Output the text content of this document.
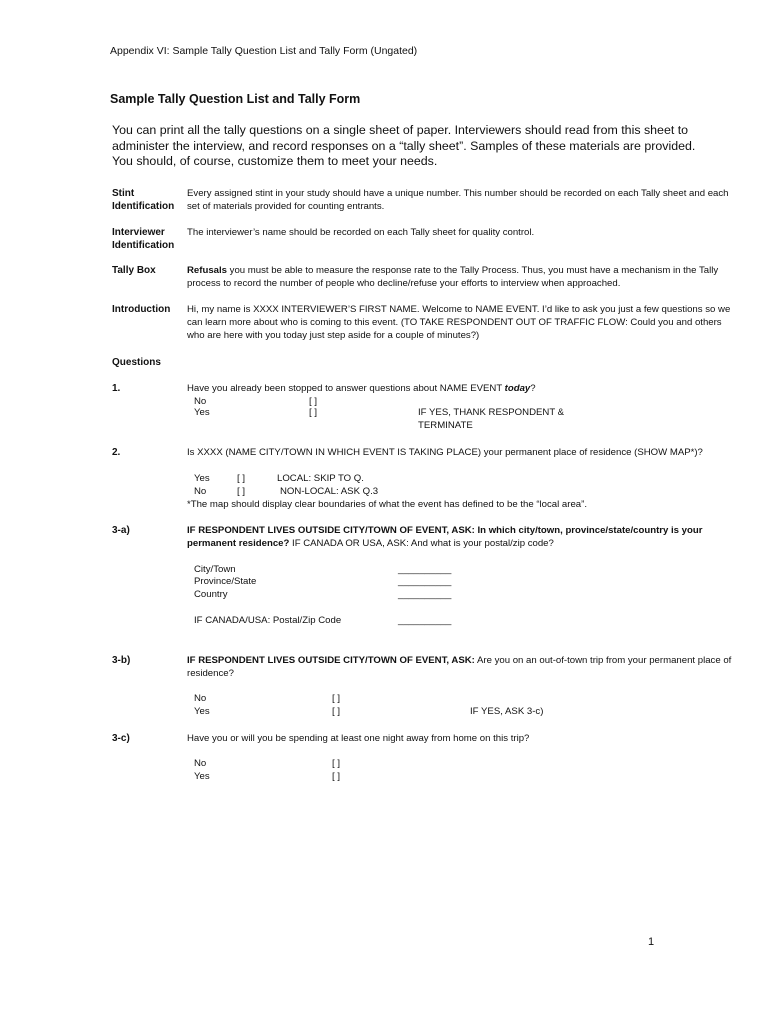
Appendix VI: Sample Tally Question List and Tally Form (Ungated)
Sample Tally Question List and Tally Form
You can print all the tally questions on a single sheet of paper. Interviewers should read from this sheet to
administer the interview, and record responses on a “tally sheet”. Samples of these materials are provided.
You should, of course, customize them to meet your needs.
Stint
Identification
Every assigned stint in your study should have a unique number. This number should be recorded on each Tally sheet and each
set of materials provided for counting entrants.
Interviewer
Identification
The interviewer’s name should be recorded on each Tally sheet for quality control.
Tally Box	Refusals you must be able to measure the response rate to the Tally Process. Thus, you must have a mechanism in the Tally
process to record the number of people who decline/refuse your efforts to interview when approached.
Introduction Hi, my name is XXXX INTERVIEWER’S FIRST NAME. Welcome to NAME EVENT. I’d like to ask you just a few questions so we
can learn more about who is coming to this event. (TO TAKE RESPONDENT OUT OF TRAFFIC FLOW: Could you and others
who are here with you today just step aside for a couple of minutes?)
Questions
1.	Have you already been stopped to answer questions about NAME EVENT today?
No	[ ]
Yes	[ ]	IF YES, THANK RESPONDENT &
TERMINATE
2.	Is XXXX (NAME CITY/TOWN IN WHICH EVENT IS TAKING PLACE) your permanent place of residence (SHOW MAP*)?
Yes	[ ]	LOCAL: SKIP TO Q.
No	[ ]	NON-LOCAL: ASK Q.3
*The map should display clear boundaries of what the event has defined to be the “local area”.
3-a)	IF RESPONDENT LIVES OUTSIDE CITY/TOWN OF EVENT, ASK: In which city/town, province/state/country is your
permanent residence? IF CANADA OR USA, ASK: And what is your postal/zip code?
City/Town	__________
Province/State	__________
Country	__________
IF CANADA/USA: Postal/Zip Code	__________
3-b)	IF RESPONDENT LIVES OUTSIDE CITY/TOWN OF EVENT, ASK: Are you on an out-of-town trip from your permanent place of
residence?
No	[ ]
Yes	[ ]	IF YES, ASK 3-c)
3-c)	Have you or will you be spending at least one night away from home on this trip?
No	[ ]
Yes	[ ]
1
